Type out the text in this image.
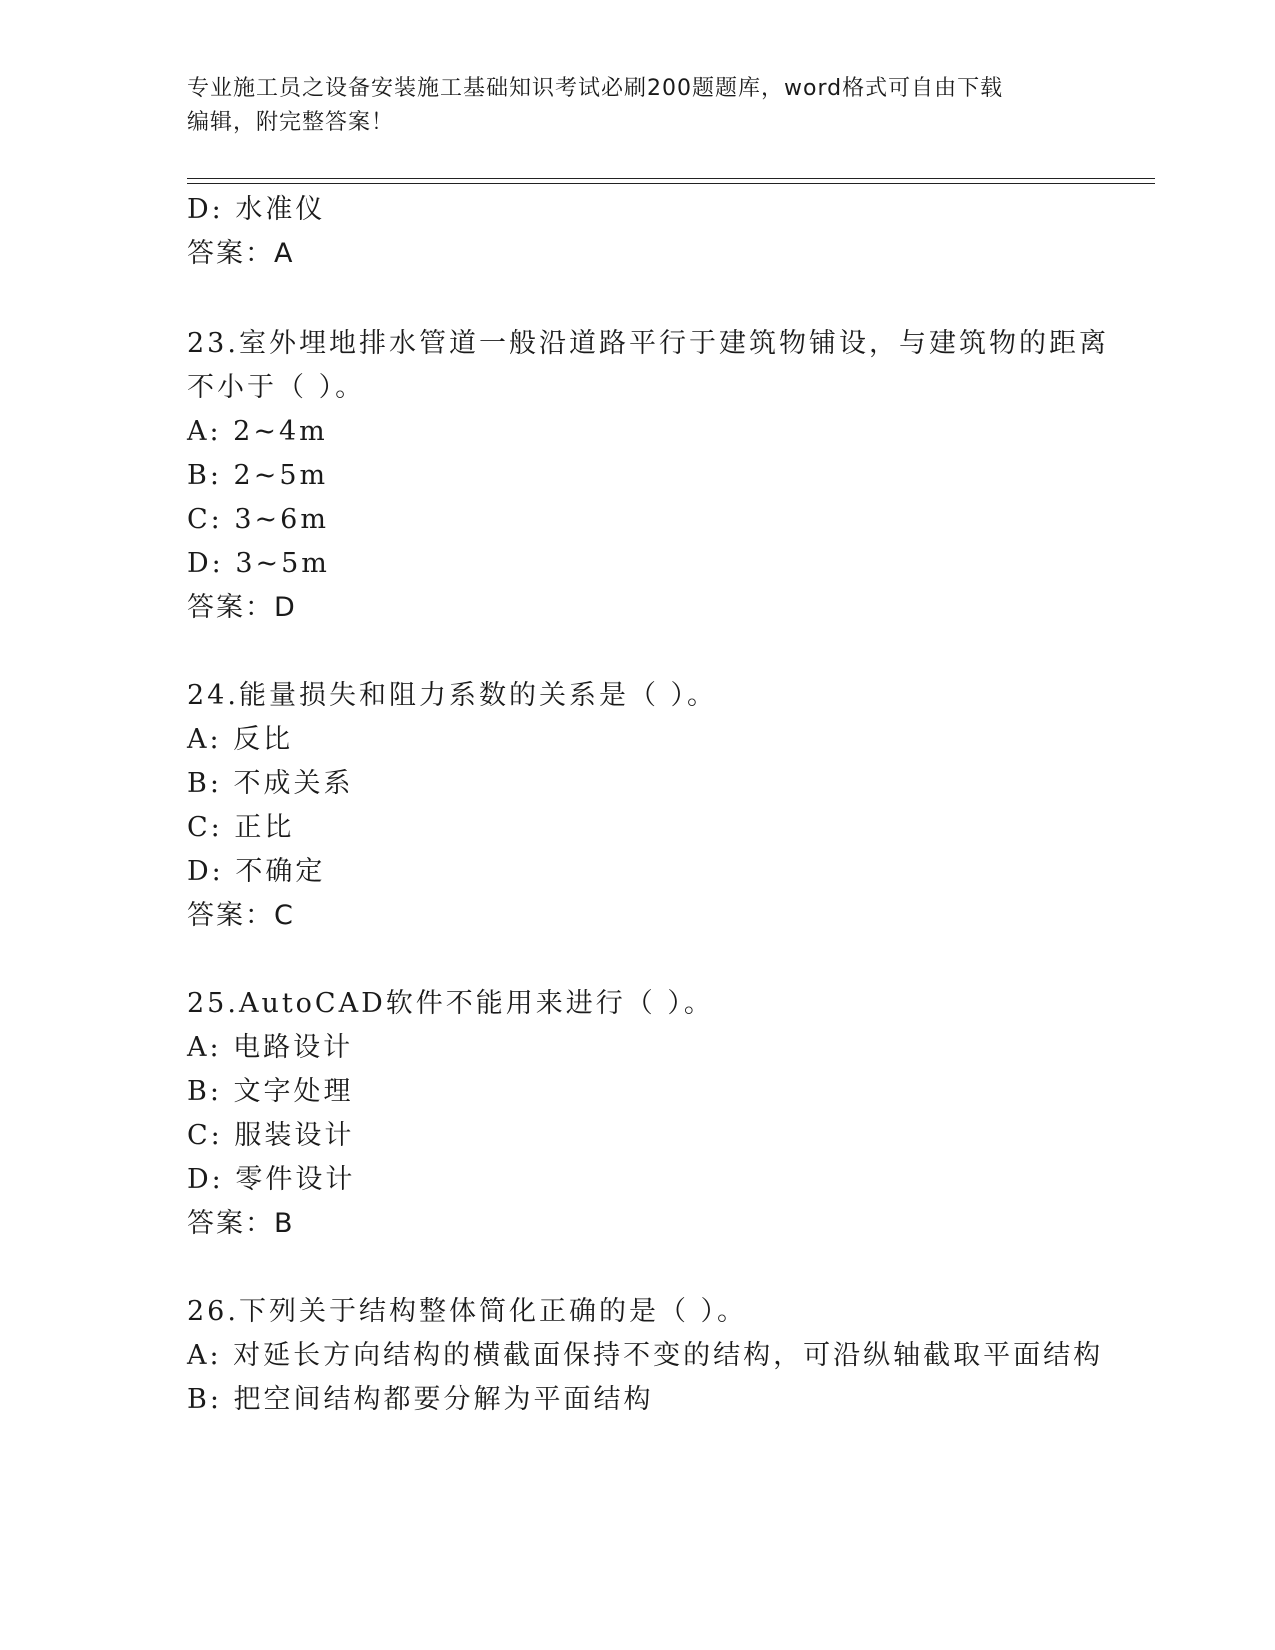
专业施工员之设备安装施工基础知识考试必刷200题题库，word格式可自由下载
编辑，附完整答案！
D: 水准仪
答案：A
23.室外埋地排水管道一般沿道路平行于建筑物铺设，与建筑物的距离
不小于（ ）。
A: 2~4m
B: 2~5m
C: 3~6m
D: 3~5m
答案：D
24.能量损失和阻力系数的关系是（ ）。
A: 反比
B: 不成关系
C: 正比
D: 不确定
答案：C
25.AutoCAD软件不能用来进行（ ）。
A: 电路设计
B: 文字处理
C: 服装设计
D: 零件设计
答案：B
26.下列关于结构整体简化正确的是（ ）。
A: 对延长方向结构的横截面保持不变的结构，可沿纵轴截取平面结构
B: 把空间结构都要分解为平面结构
